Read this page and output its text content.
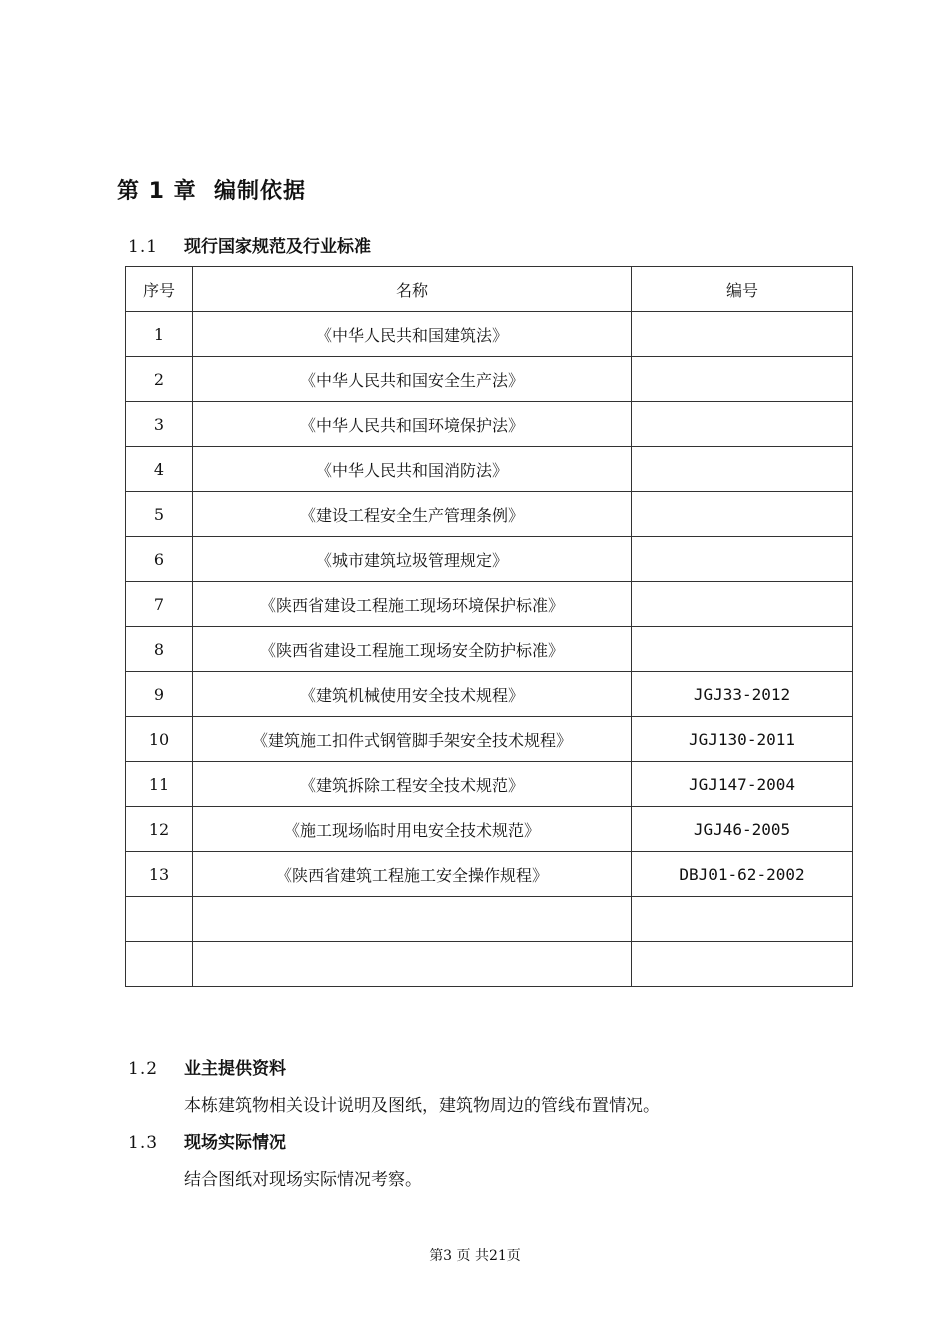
第 1 章  编制依据
1.1	现行国家规范及行业标准
序号	名称	编号
1	《中华人民共和国建筑法》	
2	《中华人民共和国安全生产法》	
3	《中华人民共和国环境保护法》	
4	《中华人民共和国消防法》	
5	《建设工程安全生产管理条例》	
6	《城市建筑垃圾管理规定》	
7	《陕西省建设工程施工现场环境保护标准》	
8	《陕西省建设工程施工现场安全防护标准》	
9	《建筑机械使用安全技术规程》	JGJ33-2012
10	《建筑施工扣件式钢管脚手架安全技术规程》	JGJ130-2011
11	《建筑拆除工程安全技术规范》	JGJ147-2004
12	《施工现场临时用电安全技术规范》	JGJ46-2005
13	《陕西省建筑工程施工安全操作规程》	DBJ01-62-2002

1.2	业主提供资料
本栋建筑物相关设计说明及图纸，建筑物周边的管线布置情况。
1.3	现场实际情况
结合图纸对现场实际情况考察。
第3 页 共21页
